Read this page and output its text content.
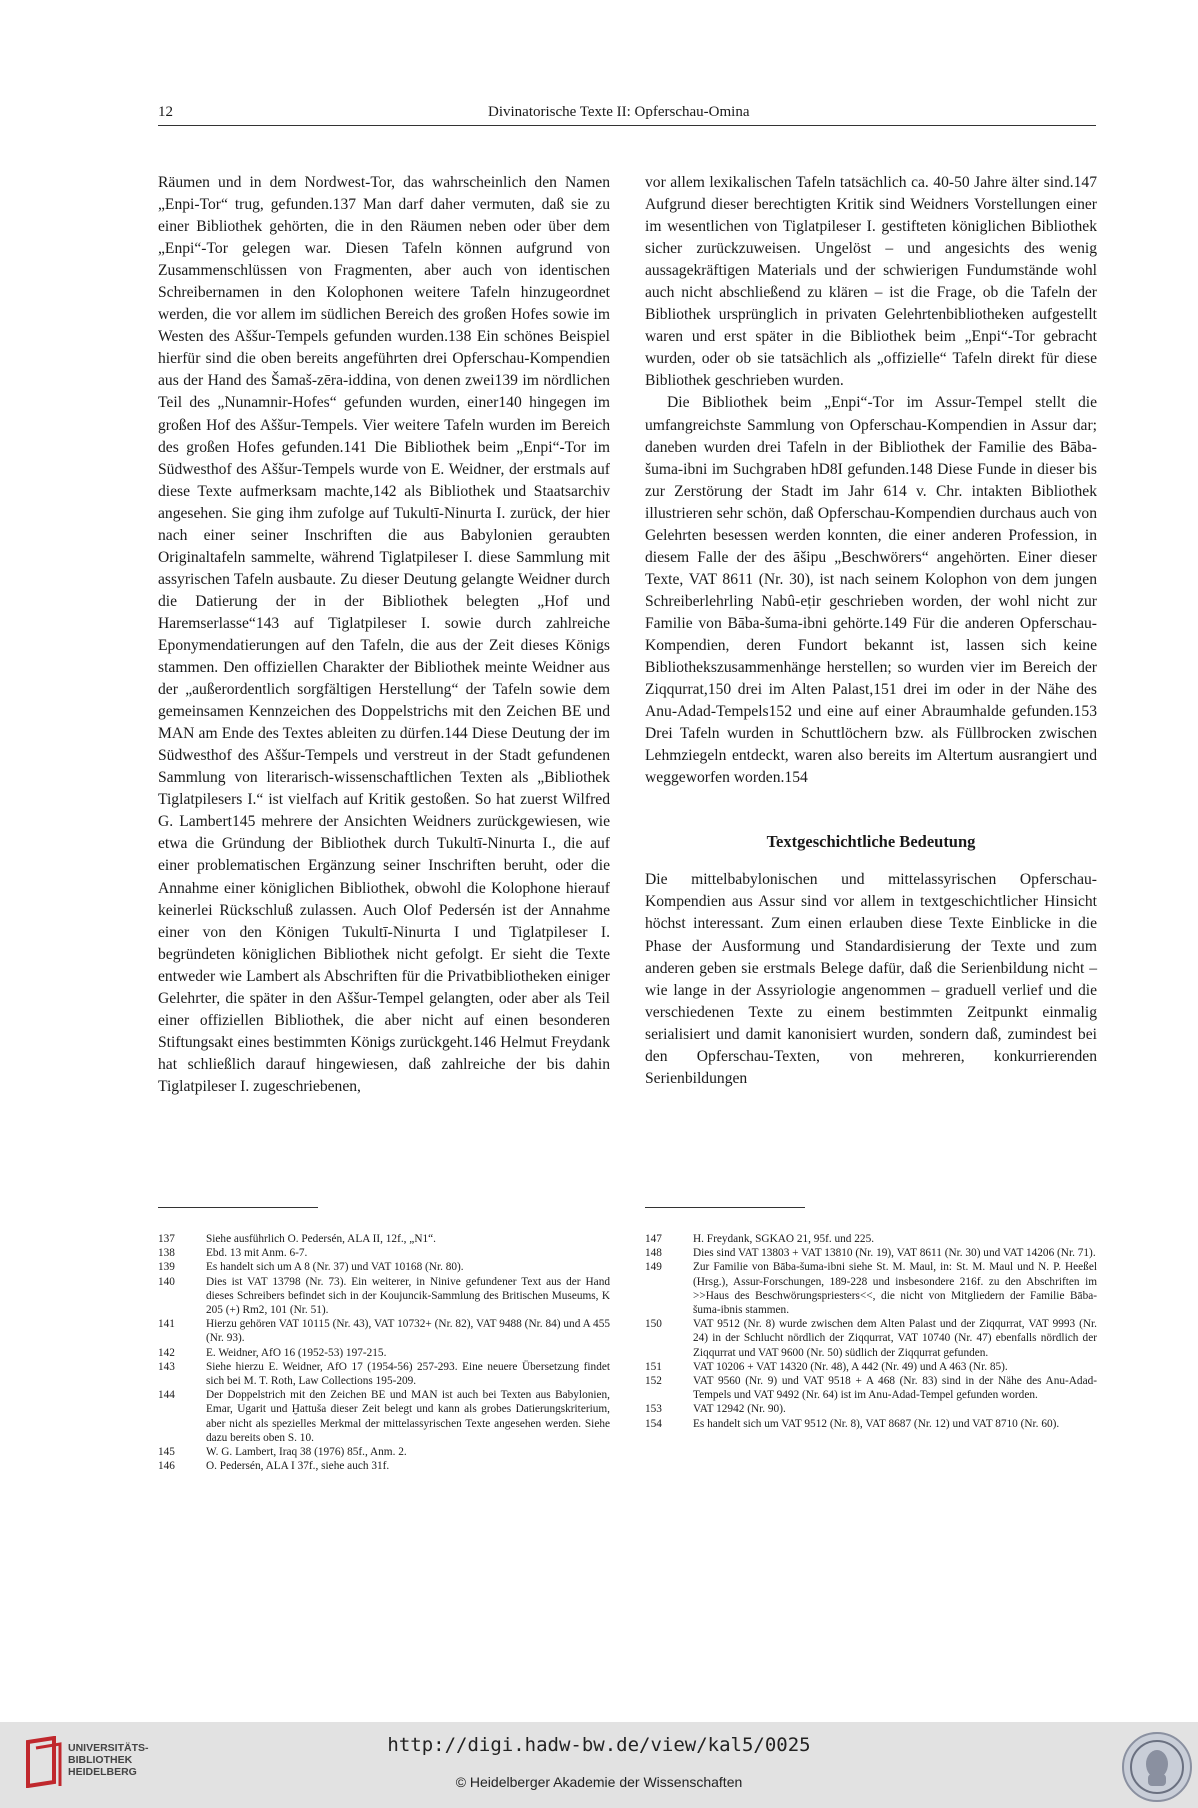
12	Divinatorische Texte II: Opferschau-Omina

Räumen und in dem Nordwest-Tor, das wahrscheinlich den Namen „Enpi-Tor“ trug, gefunden.137 Man darf daher vermuten, daß sie zu einer Bibliothek gehörten, die in den Räumen neben oder über dem „Enpi“-Tor gelegen war. Diesen Tafeln können aufgrund von Zusammenschlüssen von Fragmenten, aber auch von identischen Schreibernamen in den Kolophonen weitere Tafeln hinzugeordnet werden, die vor allem im südlichen Bereich des großen Hofes sowie im Westen des Aššur-Tempels gefunden wurden.138 Ein schönes Beispiel hierfür sind die oben bereits angeführten drei Opferschau-Kompendien aus der Hand des Šamaš-zēra-iddina, von denen zwei139 im nördlichen Teil des „Nunamnir-Hofes“ gefunden wurden, einer140 hingegen im großen Hof des Aššur-Tempels. Vier weitere Tafeln wurden im Bereich des großen Hofes gefunden.141 Die Bibliothek beim „Enpi“-Tor im Südwesthof des Aššur-Tempels wurde von E. Weidner, der erstmals auf diese Texte aufmerksam machte,142 als Bibliothek und Staatsarchiv angesehen. Sie ging ihm zufolge auf Tukultī-Ninurta I. zurück, der hier nach einer seiner Inschriften die aus Babylonien geraubten Originaltafeln sammelte, während Tiglatpileser I. diese Sammlung mit assyrischen Tafeln ausbaute. Zu dieser Deutung gelangte Weidner durch die Datierung der in der Bibliothek belegten „Hof und Haremserlasse“143 auf Tiglatpileser I. sowie durch zahlreiche Eponymendatierungen auf den Tafeln, die aus der Zeit dieses Königs stammen. Den offiziellen Charakter der Bibliothek meinte Weidner aus der „außerordentlich sorgfältigen Herstellung“ der Tafeln sowie dem gemeinsamen Kennzeichen des Doppelstrichs mit den Zeichen BE und MAN am Ende des Textes ableiten zu dürfen.144 Diese Deutung der im Südwesthof des Aššur-Tempels und verstreut in der Stadt gefundenen Sammlung von literarisch-wissenschaftlichen Texten als „Bibliothek Tiglatpilesers I.“ ist vielfach auf Kritik gestoßen. So hat zuerst Wilfred G. Lambert145 mehrere der Ansichten Weidners zurückgewiesen, wie etwa die Gründung der Bibliothek durch Tukultī-Ninurta I., die auf einer problematischen Ergänzung seiner Inschriften beruht, oder die Annahme einer königlichen Bibliothek, obwohl die Kolophone hierauf keinerlei Rückschluß zulassen. Auch Olof Pedersén ist der Annahme einer von den Königen Tukultī-Ninurta I und Tiglatpileser I. begründeten königlichen Bibliothek nicht gefolgt. Er sieht die Texte entweder wie Lambert als Abschriften für die Privatbibliotheken einiger Gelehrter, die später in den Aššur-Tempel gelangten, oder aber als Teil einer offiziellen Bibliothek, die aber nicht auf einen besonderen Stiftungsakt eines bestimmten Königs zurückgeht.146 Helmut Freydank hat schließlich darauf hingewiesen, daß zahlreiche der bis dahin Tiglatpileser I. zugeschriebenen,

vor allem lexikalischen Tafeln tatsächlich ca. 40-50 Jahre älter sind.147 Aufgrund dieser berechtigten Kritik sind Weidners Vorstellungen einer im wesentlichen von Tiglatpileser I. gestifteten königlichen Bibliothek sicher zurückzuweisen. Ungelöst – und angesichts des wenig aussagekräftigen Materials und der schwierigen Fundumstände wohl auch nicht abschließend zu klären – ist die Frage, ob die Tafeln der Bibliothek ursprünglich in privaten Gelehrtenbibliotheken aufgestellt waren und erst später in die Bibliothek beim „Enpi“-Tor gebracht wurden, oder ob sie tatsächlich als „offizielle“ Tafeln direkt für diese Bibliothek geschrieben wurden.

Die Bibliothek beim „Enpi“-Tor im Assur-Tempel stellt die umfangreichste Sammlung von Opferschau-Kompendien in Assur dar; daneben wurden drei Tafeln in der Bibliothek der Familie des Bāba-šuma-ibni im Suchgraben hD8I gefunden.148 Diese Funde in dieser bis zur Zerstörung der Stadt im Jahr 614 v. Chr. intakten Bibliothek illustrieren sehr schön, daß Opferschau-Kompendien durchaus auch von Gelehrten besessen werden konnten, die einer anderen Profession, in diesem Falle der des āšipu „Beschwörers“ angehörten. Einer dieser Texte, VAT 8611 (Nr. 30), ist nach seinem Kolophon von dem jungen Schreiberlehrling Nabû-eṭir geschrieben worden, der wohl nicht zur Familie von Bāba-šuma-ibni gehörte.149 Für die anderen Opferschau-Kompendien, deren Fundort bekannt ist, lassen sich keine Bibliothekszusammenhänge herstellen; so wurden vier im Bereich der Ziqqurrat,150 drei im Alten Palast,151 drei im oder in der Nähe des Anu-Adad-Tempels152 und eine auf einer Abraumhalde gefunden.153 Drei Tafeln wurden in Schuttlöchern bzw. als Füllbrocken zwischen Lehmziegeln entdeckt, waren also bereits im Altertum ausrangiert und weggeworfen worden.154

Textgeschichtliche Bedeutung

Die mittelbabylonischen und mittelassyrischen Opferschau-Kompendien aus Assur sind vor allem in textgeschichtlicher Hinsicht höchst interessant. Zum einen erlauben diese Texte Einblicke in die Phase der Ausformung und Standardisierung der Texte und zum anderen geben sie erstmals Belege dafür, daß die Serienbildung nicht – wie lange in der Assyriologie angenommen – graduell verlief und die verschiedenen Texte zu einem bestimmten Zeitpunkt einmalig serialisiert und damit kanonisiert wurden, sondern daß, zumindest bei den Opferschau-Texten, von mehreren, konkurrierenden Serienbildungen

137	Siehe ausführlich O. Pedersén, ALA II, 12f., „N1“.
138	Ebd. 13 mit Anm. 6-7.
139	Es handelt sich um A 8 (Nr. 37) und VAT 10168 (Nr. 80).
140	Dies ist VAT 13798 (Nr. 73). Ein weiterer, in Ninive gefundener Text aus der Hand dieses Schreibers befindet sich in der Koujuncik-Sammlung des Britischen Museums, K 205 (+) Rm2, 101 (Nr. 51).
141	Hierzu gehören VAT 10115 (Nr. 43), VAT 10732+ (Nr. 82), VAT 9488 (Nr. 84) und A 455 (Nr. 93).
142	E. Weidner, AfO 16 (1952-53) 197-215.
143	Siehe hierzu E. Weidner, AfO 17 (1954-56) 257-293. Eine neuere Übersetzung findet sich bei M. T. Roth, Law Collections 195-209.
144	Der Doppelstrich mit den Zeichen BE und MAN ist auch bei Texten aus Babylonien, Emar, Ugarit und Ḫattuša dieser Zeit belegt und kann als grobes Datierungskriterium, aber nicht als spezielles Merkmal der mittelassyrischen Texte angesehen werden. Siehe dazu bereits oben S. 10.
145	W. G. Lambert, Iraq 38 (1976) 85f., Anm. 2.
146	O. Pedersén, ALA I 37f., siehe auch 31f.
147	H. Freydank, SGKAO 21, 95f. und 225.
148	Dies sind VAT 13803 + VAT 13810 (Nr. 19), VAT 8611 (Nr. 30) und VAT 14206 (Nr. 71).
149	Zur Familie von Bāba-šuma-ibni siehe St. M. Maul, in: St. M. Maul und N. P. Heeßel (Hrsg.), Assur-Forschungen, 189-228 und insbesondere 216f. zu den Abschriften im >>Haus des Beschwörungspriesters<<, die nicht von Mitgliedern der Familie Bāba-šuma-ibnis stammen.
150	VAT 9512 (Nr. 8) wurde zwischen dem Alten Palast und der Ziqqurrat, VAT 9993 (Nr. 24) in der Schlucht nördlich der Ziqqurrat, VAT 10740 (Nr. 47) ebenfalls nördlich der Ziqqurrat und VAT 9600 (Nr. 50) südlich der Ziqqurrat gefunden.
151	VAT 10206 + VAT 14320 (Nr. 48), A 442 (Nr. 49) und A 463 (Nr. 85).
152	VAT 9560 (Nr. 9) und VAT 9518 + A 468 (Nr. 83) sind in der Nähe des Anu-Adad-Tempels und VAT 9492 (Nr. 64) ist im Anu-Adad-Tempel gefunden worden.
153	VAT 12942 (Nr. 90).
154	Es handelt sich um VAT 9512 (Nr. 8), VAT 8687 (Nr. 12) und VAT 8710 (Nr. 60).
UNIVERSITÄTS-
BIBLIOTHEK
HEIDELBERG
http://digi.hadw-bw.de/view/kal5/0025
© Heidelberger Akademie der Wissenschaften
